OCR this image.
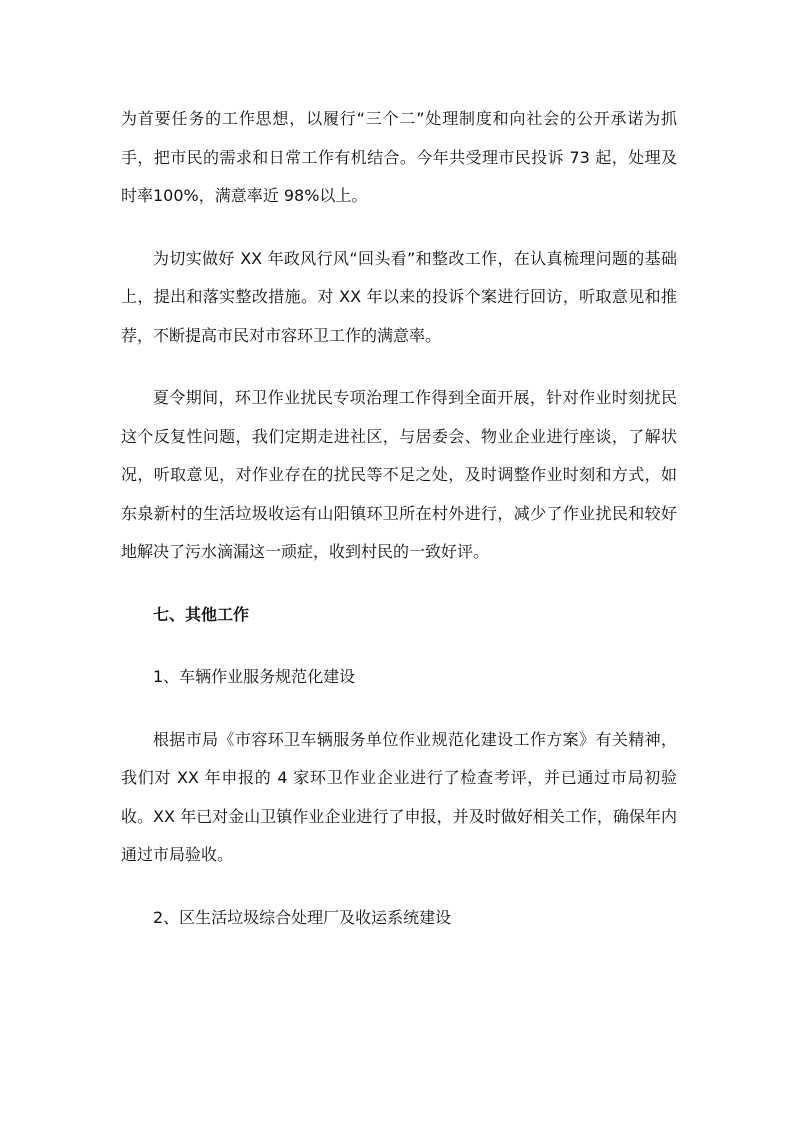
为首要任务的工作思想，以履行“三个二”处理制度和向社会的公开承诺为抓手，把市民的需求和日常工作有机结合。今年共受理市民投诉 73 起，处理及时率100%，满意率近 98%以上。

为切实做好 XX 年政风行风“回头看”和整改工作，在认真梳理问题的基础上，提出和落实整改措施。对 XX 年以来的投诉个案进行回访，听取意见和推荐，不断提高市民对市容环卫工作的满意率。

夏令期间，环卫作业扰民专项治理工作得到全面开展，针对作业时刻扰民这个反复性问题，我们定期走进社区，与居委会、物业企业进行座谈，了解状况，听取意见，对作业存在的扰民等不足之处，及时调整作业时刻和方式，如东泉新村的生活垃圾收运有山阳镇环卫所在村外进行，减少了作业扰民和较好地解决了污水滴漏这一顽症，收到村民的一致好评。

七、其他工作

1、车辆作业服务规范化建设

根据市局《市容环卫车辆服务单位作业规范化建设工作方案》有关精神，我们对 XX 年申报的 4 家环卫作业企业进行了检查考评，并已通过市局初验收。XX 年已对金山卫镇作业企业进行了申报，并及时做好相关工作，确保年内通过市局验收。

2、区生活垃圾综合处理厂及收运系统建设
